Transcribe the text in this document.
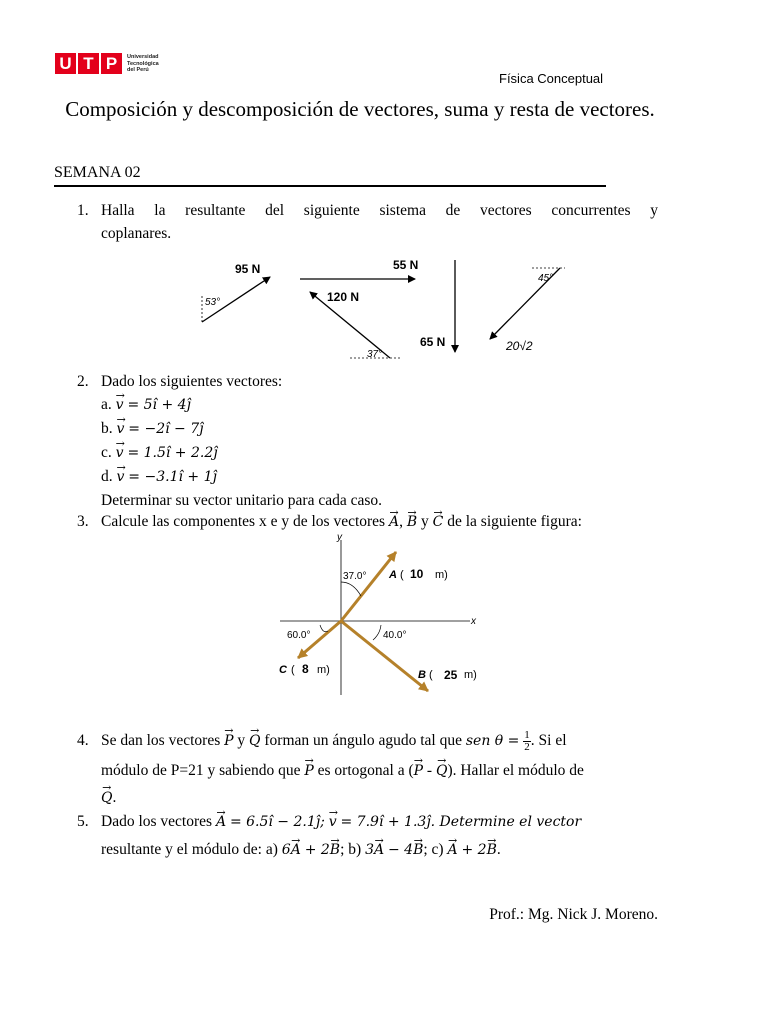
U T P Universidad
Tecnológica
del Perú
Física Conceptual
Composición y descomposición de vectores, suma y resta de vectores.
SEMANA 02
1. Halla la resultante del siguiente sistema de vectores concurrentes y
coplanares.
95 N
53°
55 N
120 N
37°
65 N
45°
20√2
2. Dado los siguientes vectores:
a. → v = 5î + 4ĵ
b. → v = −2î − 7ĵ
c. → v = 1.5î + 2.2ĵ
d. → v = −3.1î + 1ĵ
Determinar su vector unitario para cada caso.
3. Calcule las componentes x e y de los vectores → A, → B y → C de la siguiente figura:
y
x
37.0° A ( 10 m)
60.0°
C ( 8 m)
40.0°
B ( 25 m)
4. Se dan los vectores → P y → Q forman un ángulo agudo tal que sen $\theta = \frac{1}{2}$ . Si el
módulo de P=21 y sabiendo que → P es ortogonal a (→ P - → Q). Hallar el módulo de
→ Q.
5. Dado los vectores → A = 6.5î − 2.1ĵ; → v = 7.9î + 1.3ĵ. Determine el vector
resultante y el módulo de: a) 6→ A + 2→ B; b) 3→ A − 4→ B; c) → A + 2→ B.
Prof.: Mg. Nick J. Moreno.
